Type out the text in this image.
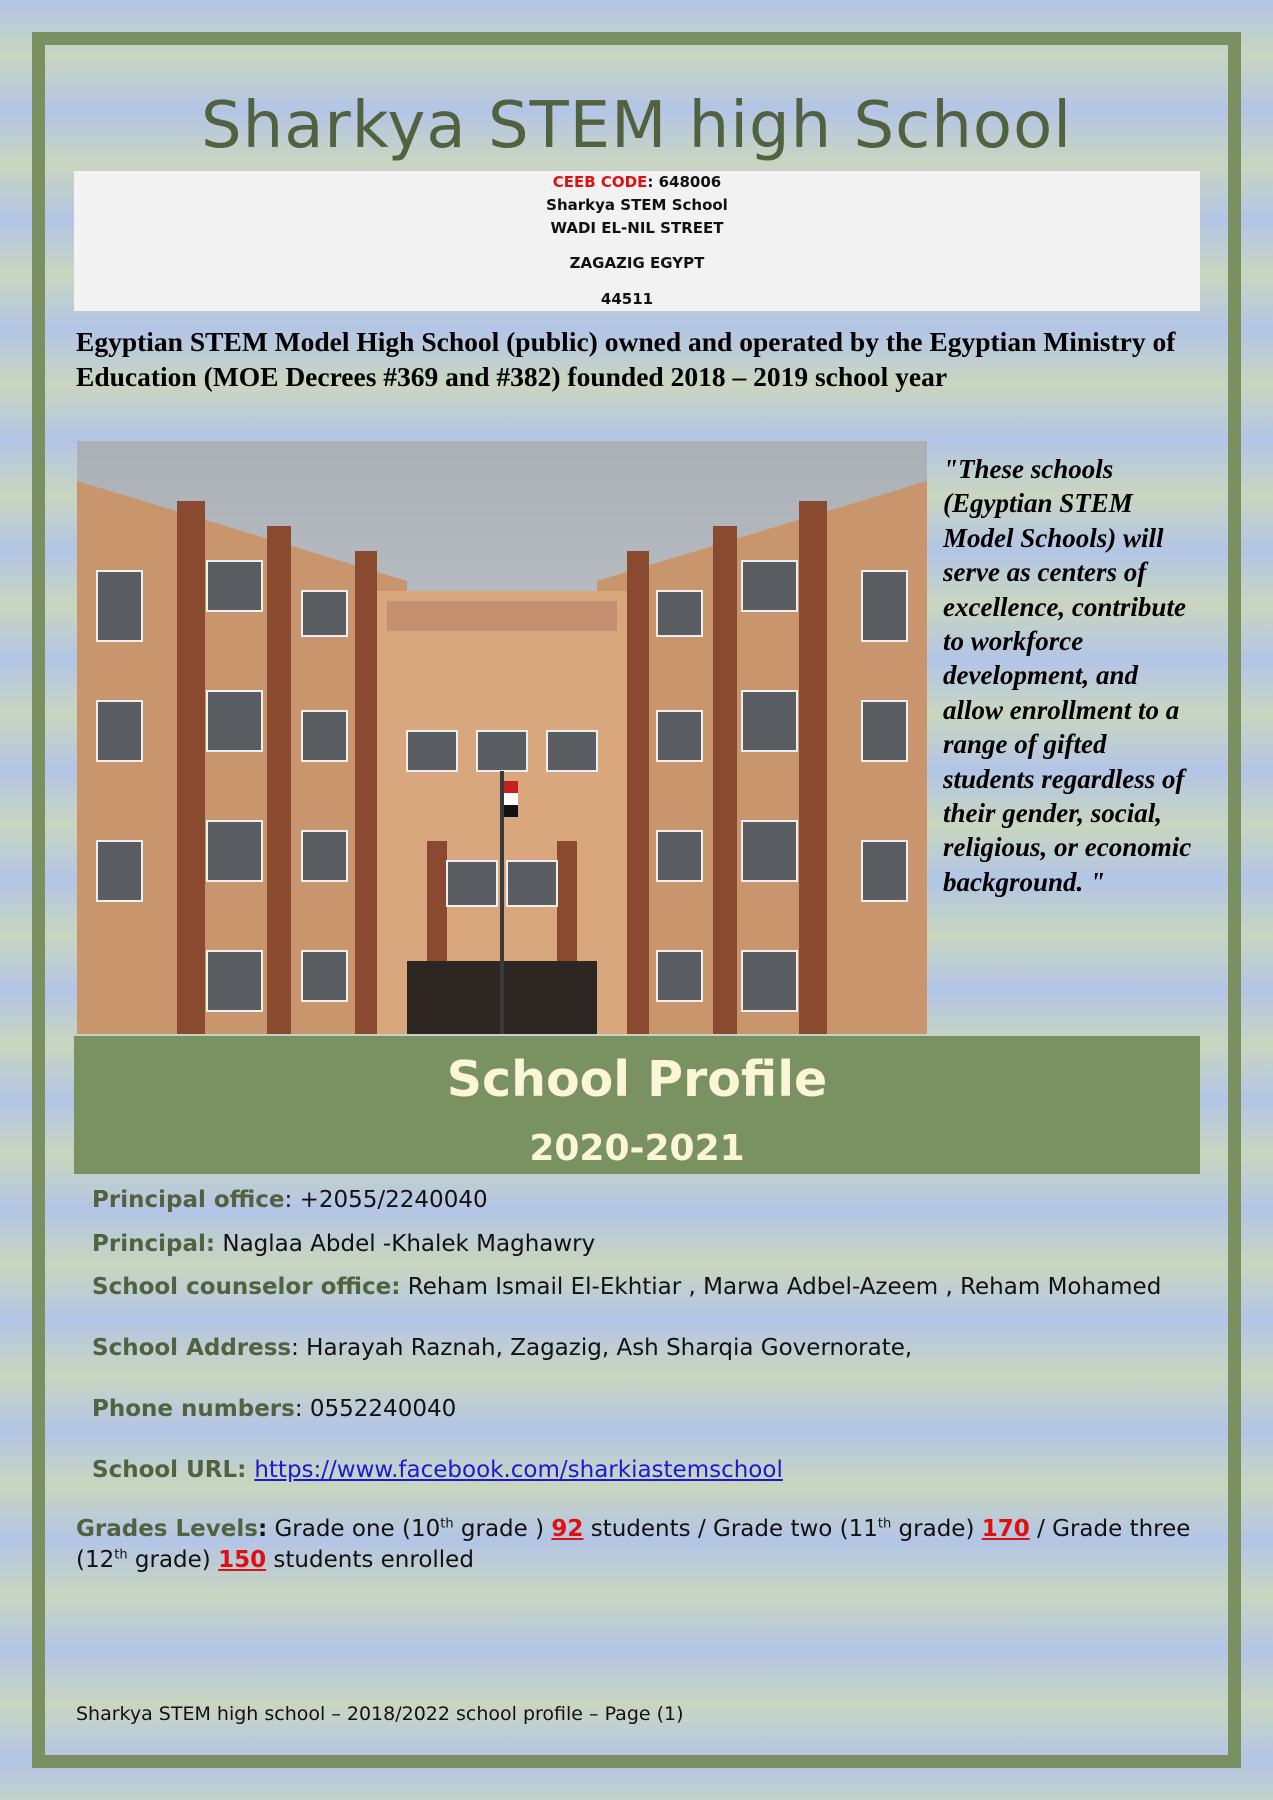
Sharkya STEM high School
CEEB CODE: 648006
Sharkya STEM School
WADI EL-NIL STREET
ZAGAZIG EGYPT
44511
Egyptian STEM Model High School (public) owned and operated by the Egyptian Ministry of Education (MOE Decrees #369 and #382) founded 2018 – 2019 school year
"These schools (Egyptian STEM Model Schools) will serve as centers of excellence, contribute to workforce development, and allow enrollment to a range of gifted students regardless of their gender, social, religious, or economic background. "
School Profile
2020-2021
Principal office: +2055/2240040
Principal: Naglaa Abdel -Khalek Maghawry
School counselor office: Reham Ismail El-Ekhtiar , Marwa Adbel-Azeem , Reham Mohamed
School Address: Harayah Raznah, Zagazig, Ash Sharqia Governorate,
Phone numbers: 0552240040
School URL: https://www.facebook.com/sharkiastemschool
Grades Levels: Grade one (10th grade ) 92 students / Grade two (11th grade) 170 / Grade three (12th grade) 150 students enrolled
Sharkya STEM high school – 2018/2022 school profile – Page (1)
